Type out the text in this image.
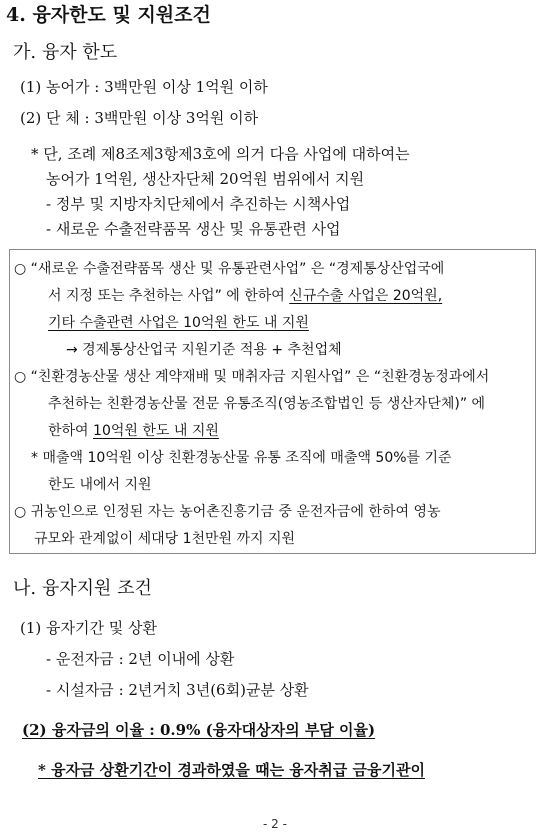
4. 융자한도 및 지원조건
가. 융자 한도
(1) 농어가 : 3백만원 이상 1억원 이하
(2) 단 체 : 3백만원 이상 3억원 이하
* 단, 조례 제8조제3항제3호에 의거 다음 사업에 대하여는
농어가 1억원, 생산자단체 20억원 범위에서 지원
- 정부 및 지방자치단체에서 추진하는 시책사업
- 새로운 수출전략품목 생산 및 유통관련 사업
○ “새로운 수출전략품목 생산 및 유통관련사업” 은 “경제통상산업국에
서 지정 또는 추천하는 사업” 에 한하여 신규수출 사업은 20억원,
기타 수출관련 사업은 10억원 한도 내 지원
→ 경제통상산업국 지원기준 적용 + 추천업체
○ “친환경농산물 생산 계약재배 및 매취자금 지원사업” 은 “친환경농정과에서
추천하는 친환경농산물 전문 유통조직(영농조합법인 등 생산자단체)” 에
한하여 10억원 한도 내 지원
* 매출액 10억원 이상 친환경농산물 유통 조직에 매출액 50%를 기준
한도 내에서 지원
○ 귀농인으로 인정된 자는 농어촌진흥기금 중 운전자금에 한하여 영농
규모와 관계없이 세대당 1천만원 까지 지원
나. 융자지원 조건
(1) 융자기간 및 상환
- 운전자금 : 2년 이내에 상환
- 시설자금 : 2년거치 3년(6회)균분 상환
(2) 융자금의 이율 : 0.9% (융자대상자의 부담 이율)
* 융자금 상환기간이 경과하였을 때는 융자취급 금융기관이
- 2 -
